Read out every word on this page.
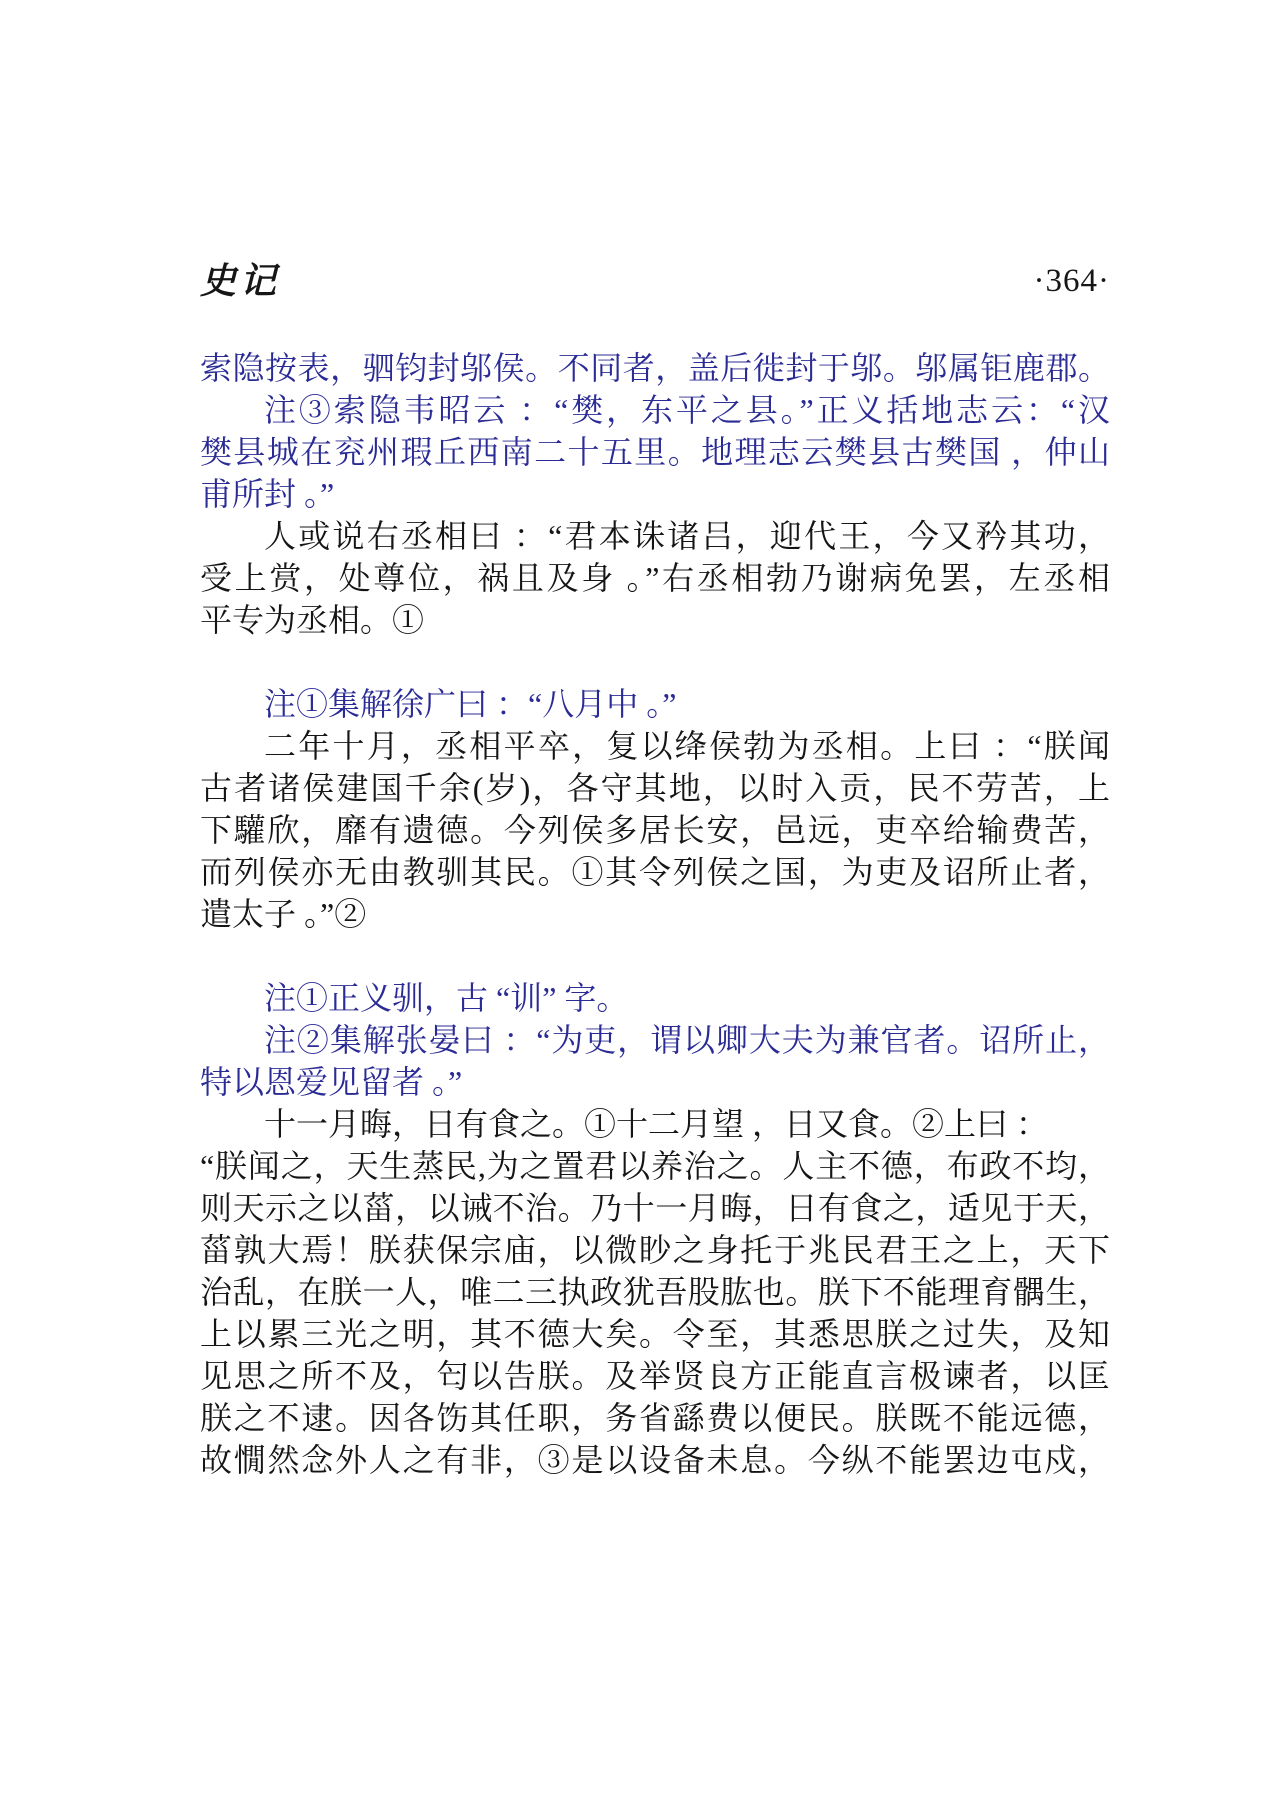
史记	·364·
索隐按表，驷钧封邬侯。不同者，盖后徙封于邬。邬属钜鹿郡。
注③索隐韦昭云 ：“樊，东平之县。”正义括地志云：“汉
樊县城在兖州瑕丘西南二十五里。地理志云樊县古樊国 ，仲山
甫所封 。”
人或说右丞相曰 ：“君本诛诸吕，迎代王，今又矜其功，
受上赏，处尊位，祸且及身 。”右丞相勃乃谢病免罢，左丞相
平专为丞相。①
注①集解徐广曰 ：“八月中 。”
二年十月，丞相平卒，复以绛侯勃为丞相。上曰 ：“朕闻
古者诸侯建国千余(岁)，各守其地，以时入贡，民不劳苦，上
下驩欣，靡有遗德。今列侯多居长安，邑远，吏卒给输费苦，
而列侯亦无由教驯其民。①其令列侯之国，为吏及诏所止者，
遣太子 。”②
注①正义驯，古 “训” 字。
注②集解张晏曰 ：“为吏，谓以卿大夫为兼官者。诏所止，
特以恩爱见留者 。”
十一月晦，日有食之。①十二月望 ，日又食。②上曰 ：
“朕闻之，天生蒸民,为之置君以养治之。人主不德，布政不均，
则天示之以菑，以诫不治。乃十一月晦，日有食之，适见于天，
菑孰大焉！朕获保宗庙，以微眇之身托于兆民君王之上，天下
治乱，在朕一人，唯二三执政犹吾股肱也。朕下不能理育髃生，
上以累三光之明，其不德大矣。令至，其悉思朕之过失，及知
见思之所不及，匄以告朕。及举贤良方正能直言极谏者，以匡
朕之不逮。因各饬其任职，务省繇费以便民。朕既不能远德，
故憪然念外人之有非，③是以设备未息。今纵不能罢边屯戍，
